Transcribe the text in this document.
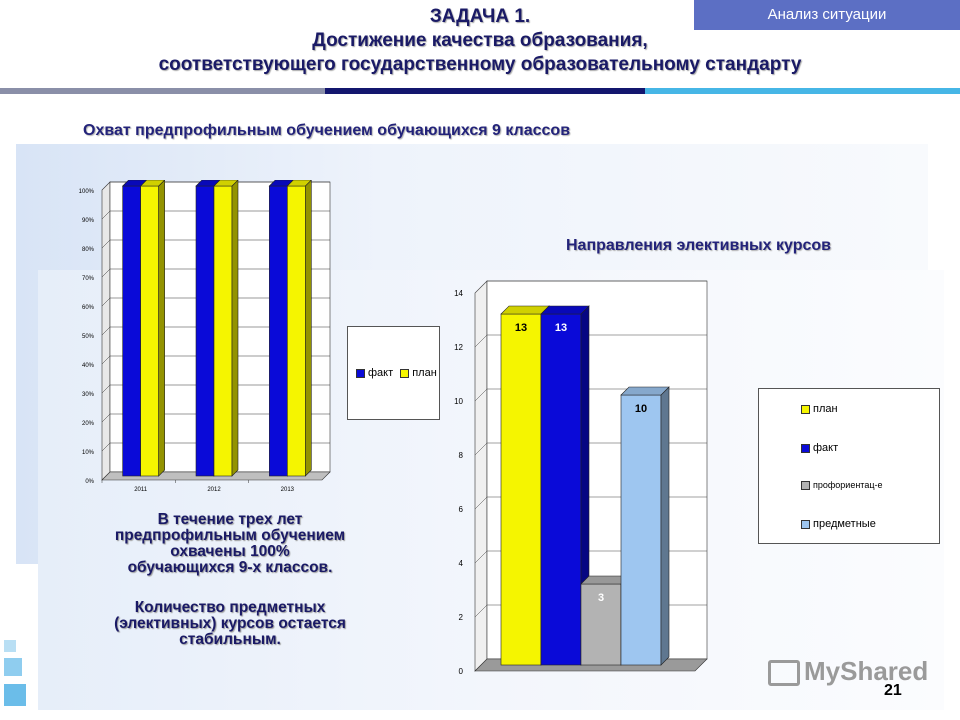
Анализ ситуации
ЗАДАЧА 1.
Достижение качества образования,
соответствующего государственному образовательному стандарту
Охват предпрофильным обучением обучающихся 9 классов
Направления элективных курсов
0%
10%
20%
30%
40%
50%
60%
70%
80%
90%
100%
2011	2012	2013
факт план
В течение трех лет
предпрофильным обучением
охвачены 100%
обучающихся 9-х классов.
Количество предметных
(элективных) курсов остается
стабильным.
0
2
4
6
8
10
12
14
13	13
3
10	план
факт
профориентац-е
предметные
MyShared
21
